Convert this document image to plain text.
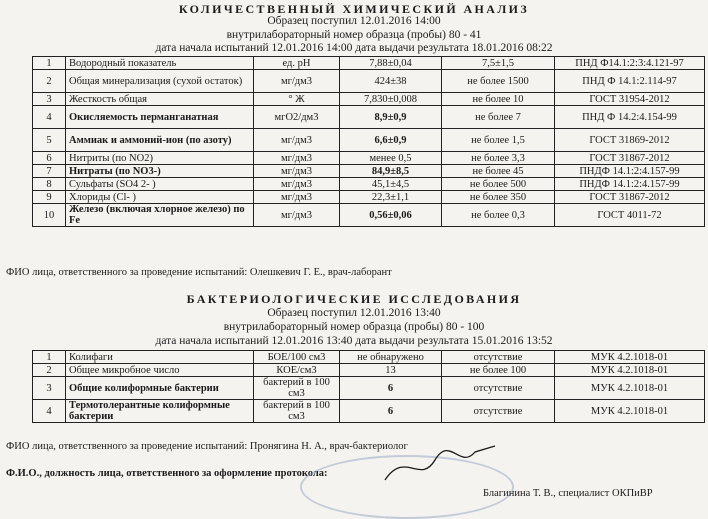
КОЛИЧЕСТВЕННЫЙ ХИМИЧЕСКИЙ АНАЛИЗ
Образец поступил 12.01.2016 14:00
внутрилабораторный номер образца (пробы) 80 - 41
дата начала испытаний 12.01.2016 14:00 дата выдачи результата 18.01.2016 08:22
1	Водородный показатель	ед. pH	7,88±0,04	7,5±1,5	ПНД Ф14.1:2:3:4.121-97
2	Общая минерализация (сухой остаток)	мг/дм3	424±38	не более 1500	ПНД Ф 14.1:2.114-97
3	Жесткость общая	° Ж	7,830±0,008	не более 10	ГОСТ 31954-2012
4	Окисляемость перманганатная	мгО2/дм3	8,9±0,9	не более 7	ПНД Ф 14.2:4.154-99
5	Аммиак и аммоний-ион (по азоту)	мг/дм3	6,6±0,9	не более 1,5	ГОСТ 31869-2012
6	Нитриты (по NO2)	мг/дм3	менее 0,5	не более 3,3	ГОСТ 31867-2012
7	Нитраты (по NO3-)	мг/дм3	84,9±8,5	не более 45	ПНДФ 14.1:2:4.157-99
8	Сульфаты (SO4 2- )	мг/дм3	45,1±4,5	не более 500	ПНДФ 14.1:2:4.157-99
9	Хлориды (Cl- )	мг/дм3	22,3±1,1	не более 350	ГОСТ 31867-2012
10	Железо (включая хлорное железо) по Fe	мг/дм3	0,56±0,06	не более 0,3	ГОСТ 4011-72
ФИО лица, ответственного за проведение испытаний: Олешкевич Г. Е., врач-лаборант
БАКТЕРИОЛОГИЧЕСКИЕ ИССЛЕДОВАНИЯ
Образец поступил 12.01.2016 13:40
внутрилабораторный номер образца (пробы) 80 - 100
дата начала испытаний 12.01.2016 13:40 дата выдачи результата 15.01.2016 13:52
1	Колифаги	БОЕ/100 см3	не обнаружено	отсутствие	МУК 4.2.1018-01
2	Общее микробное число	КОЕ/см3	13	не более 100	МУК 4.2.1018-01
3	Общие колиформные бактерии	бактерий в 100 см3	6	отсутствие	МУК 4.2.1018-01
4	Термотолерантные колиформные бактерии	бактерий в 100 см3	6	отсутствие	МУК 4.2.1018-01
ФИО лица, ответственного за проведение испытаний: Пронягина Н. А., врач-бактериолог
Ф.И.О., должность лица, ответственного за оформление протокола:
Благинина Т. В., специалист ОКПиВР
